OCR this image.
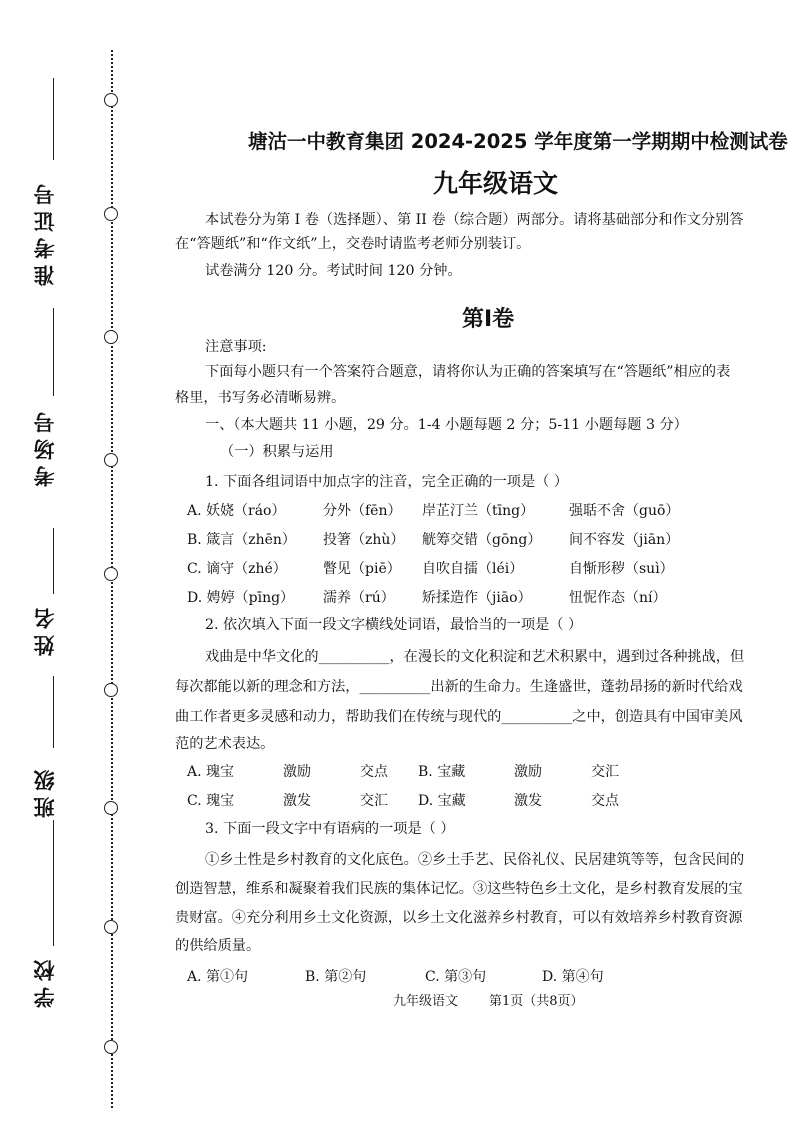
准考证号
考场号
姓名
班级
学校
塘沽一中教育集团 2024-2025 学年度第一学期期中检测试卷
九年级语文
本试卷分为第 I 卷（选择题）、第 II 卷（综合题）两部分。请将基础部分和作文分别答
在“答题纸”和“作文纸”上，交卷时请监考老师分别装订。
试卷满分 120 分。考试时间 120 分钟。
第I卷
注意事项:
下面每小题只有一个答案符合题意，请将你认为正确的答案填写在“答题纸”相应的表
格里，书写务必清晰易辨。
一、（本大题共 11 小题，29 分。1-4 小题每题 2 分；5-11 小题每题 3 分）
（一）积累与运用
1. 下面各组词语中加点字的注音，完全正确的一项是（ ）
A. 妖娆（ráo）	分外（fēn） 岸芷汀兰（tīng） 强聒不舍（guō）
B. 箴言（zhēn） 投箸（zhù） 觥筹交错（gōng） 间不容发（jiān）
C. 谪守（zhé）	瞥见（piē） 自吹自擂（léi）	自惭形秽（suì）
D. 娉婷（pīng） 濡养（rú） 矫揉造作（jiāo）	忸怩作态（ní）
2. 依次填入下面一段文字横线处词语，最恰当的一项是（ ）
戏曲是中华文化的__________，在漫长的文化积淀和艺术积累中，遇到过各种挑战，但
每次都能以新的理念和方法，__________出新的生命力。生逢盛世，蓬勃昂扬的新时代给戏
曲工作者更多灵感和动力，帮助我们在传统与现代的__________之中，创造具有中国审美风
范的艺术表达。
A. 瑰宝	激励	交点 B. 宝藏	激励	交汇
C. 瑰宝	激发	交汇 D. 宝藏	激发	交点
3. 下面一段文字中有语病的一项是（ ）
①乡土性是乡村教育的文化底色。②乡土手艺、民俗礼仪、民居建筑等等，包含民间的
创造智慧，维系和凝聚着我们民族的集体记忆。③这些特色乡土文化，是乡村教育发展的宝
贵财富。④充分利用乡土文化资源，以乡土文化滋养乡村教育，可以有效培养乡村教育资源
的供给质量。
A. 第①句	B. 第②句	C. 第③句	D. 第④句
九年级语文 第1页（共8页）
